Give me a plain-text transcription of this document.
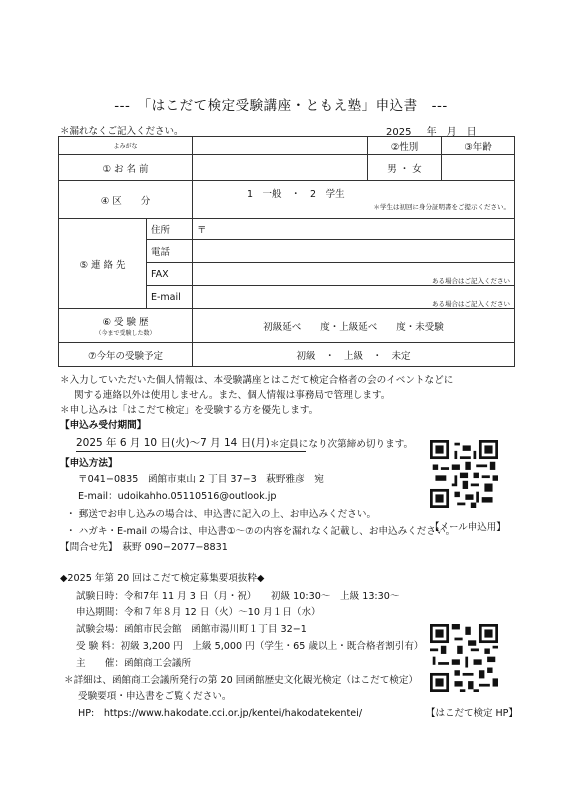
---　「はこだて検定受験講座・ともえ塾」申込書　---
＊漏れなくご記入ください。	2025 年　月　日
よみがな			②性別	③年齢
① お 名 前			男 ・ 女	
④ 区　　分		1　一般　・　2　学生
＊学生は初回に身分証明書をご提示ください。		

⑤ 連 絡 先	住所	〒		
	電話			
	FAX	ある場合はご記入ください		

	E-mail	ある場合はご記入ください		

⑥ 受 験 歴
（今まで受験した数）		初級延べ　　度・上級延べ　　度・未受験		
⑦今年の受験予定		初級　・　上級　・　未定		
＊入力していただいた個人情報は、本受験講座とはこだて検定合格者の会のイベントなどに
関する連絡以外は使用しません。また、個人情報は事務局で管理します。
＊申し込みは「はこだて検定」を受験する方を優先します。
【申込み受付期間】
2025 年 6 月 10 日(火)〜7 月 14 日(月) ＊定員になり次第締め切ります。
【申込方法】
〒041−0835　函館市東山 2 丁目 37−3　萩野雅彦　宛
E-mail：udoikahho.05110516@outlook.jp
・ 郵送でお申し込みの場合は、申込書に記入の上、お申込みください。
・ ハガキ・E-mail の場合は、申込書①〜⑦の内容を漏れなく記載し、お申込みください。
【問合せ先】　萩野 090−2077−8831
【メール申込用】
◆2025 年第 20 回はこだて検定募集要項抜粋◆
試験日時：令和7年 11 月 3 日（月・祝）　　初級 10:30〜　上級 13:30〜
申込期間：令和７年８月 12 日（火）〜10 月１日（水）
試験会場：函館市民会館　函館市湯川町１丁目 32−1
受 験 料：初級 3,200 円　上級 5,000 円（学生・65 歳以上・既合格者割引有）
主　　催：函館商工会議所
＊詳細は、函館商工会議所発行の第 20 回函館歴史文化観光検定（はこだて検定）
受験要項・申込書をご覧ください。
HP:　https://www.hakodate.cci.or.jp/kentei/hakodatekentei/	【はこだて検定 HP】
